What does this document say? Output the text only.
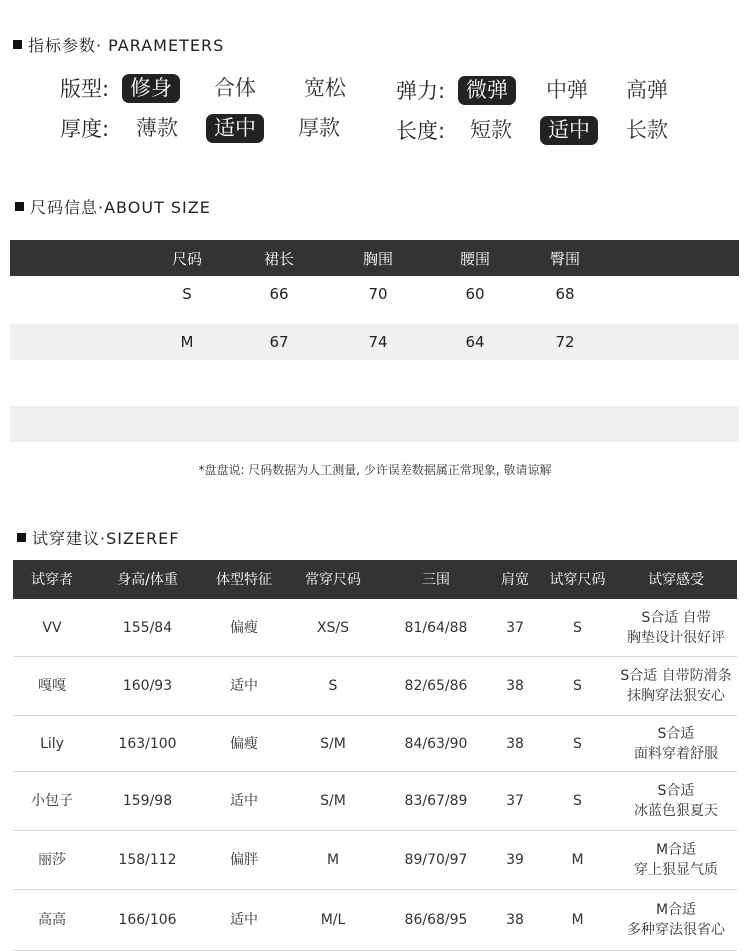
指标参数· PARAMETERS
版型: 修身	合体	宽松	弹力: 微弹	中弹	高弹
厚度:	薄款	适中	厚款	长度:	短款	适中	长款
尺码信息·ABOUT SIZE
尺码	裙长	胸围	腰围	臀围
S	66	70	60	68
M	67	74	64	72
*盘盘说: 尺码数据为人工测量, 少许误差数据属正常现象, 敬请谅解
试穿建议·SIZEREF
试穿者	身高/体重	体型特征	常穿尺码	三围	肩宽	试穿尺码	试穿感受
VV	155/84	偏瘦	XS/S	81/64/88	37	S
S合适 自带
胸垫设计很好评
嘎嘎	160/93	适中	S	82/65/86	38	S
S合适 自带防滑条
抹胸穿法狠安心
Lily	163/100	偏瘦	S/M	84/63/90	38	S
S合适
面料穿着舒服
小包子	159/98	适中	S/M	83/67/89	37	S
S合适
冰蓝色狠夏天
丽莎	158/112	偏胖	M	89/70/97	39	M
M合适
穿上狠显气质
高高	166/106	适中	M/L	86/68/95	38	M
M合适
多种穿法很省心
